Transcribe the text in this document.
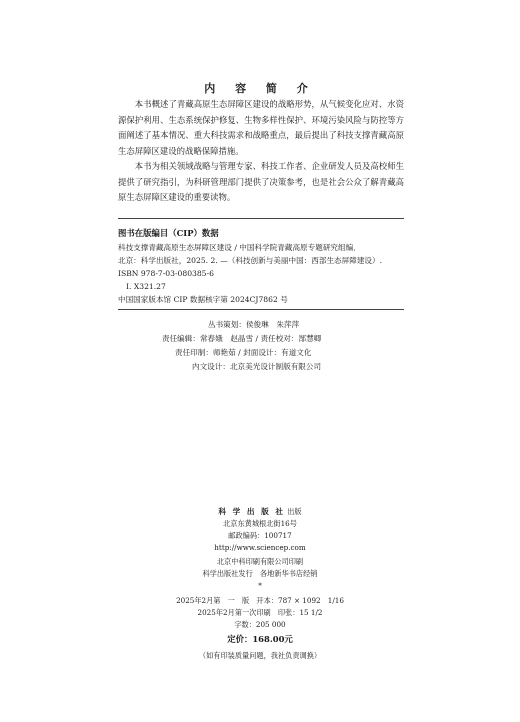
内 容 简 介
本书概述了青藏高原生态屏障区建设的战略形势，从气候变化应对、水资源保护利用、生态系统保护修复、生物多样性保护、环境污染风险与防控等方面阐述了基本情况、重大科技需求和战略重点，最后提出了科技支撑青藏高原生态屏障区建设的战略保障措施。
本书为相关领域战略与管理专家、科技工作者、企业研发人员及高校师生提供了研究指引，为科研管理部门提供了决策参考，也是社会公众了解青藏高原生态屏障区建设的重要读物。
图书在版编目（CIP）数据
科技支撑青藏高原生态屏障区建设 / 中国科学院青藏高原专题研究组编．
北京：科学出版社，2025. 2. —（科技创新与美丽中国：西部生态屏障建设）.
ISBN 978-7-03-080385-6
Ⅰ. X321.27
中国国家版本馆 CIP 数据核字第 2024CJ7862 号
丛书策划：侯俊琳　朱萍萍
责任编辑：常春娥　赵晶雪 / 责任校对：郜慧卿
责任印制：师艳茹 / 封面设计：有道文化
内文设计：北京美光设计制版有限公司
科 学 出 版 社 出版
北京东黄城根北街16号
邮政编码：100717
http://www.sciencep.com
北京中科印刷有限公司印刷
科学出版社发行　各地新华书店经销
*
2025年2月第　一　版　开本：787 × 1092　1/16
2025年2月第一次印刷　印张：15 1/2
字数：205 000
定价：168.00元
（如有印装质量问题，我社负责调换）
